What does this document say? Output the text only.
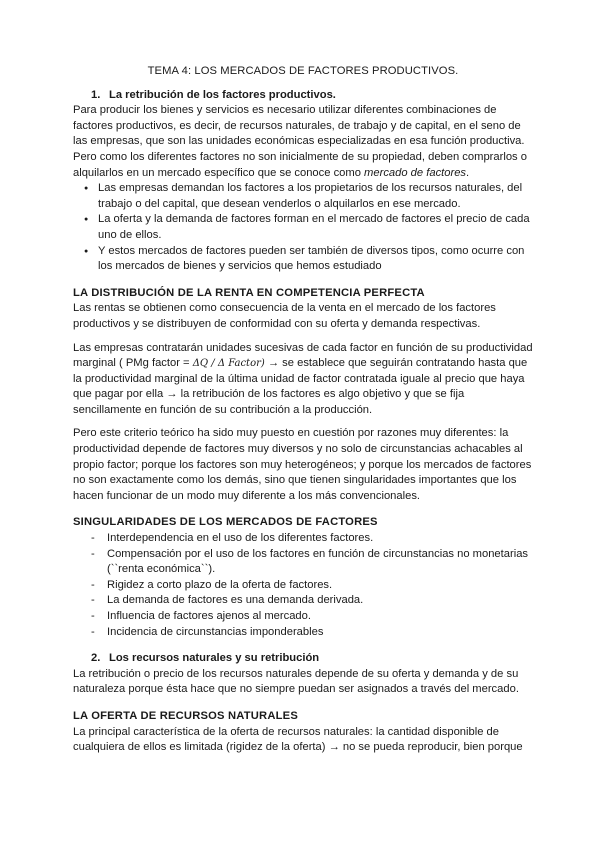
TEMA 4: LOS MERCADOS DE FACTORES PRODUCTIVOS.
1. La retribución de los factores productivos.

Para producir los bienes y servicios es necesario utilizar diferentes combinaciones de factores productivos, es decir, de recursos naturales, de trabajo y de capital, en el seno de las empresas, que son las unidades económicas especializadas en esa función productiva. Pero como los diferentes factores no son inicialmente de su propiedad, deben comprarlos o alquilarlos en un mercado específico que se conoce como mercado de factores.

● Las empresas demandan los factores a los propietarios de los recursos naturales, del trabajo o del capital, que desean venderlos o alquilarlos en ese mercado.
● La oferta y la demanda de factores forman en el mercado de factores el precio de cada uno de ellos.
● Y estos mercados de factores pueden ser también de diversos tipos, como ocurre con los mercados de bienes y servicios que hemos estudiado
LA DISTRIBUCIÓN DE LA RENTA EN COMPETENCIA PERFECTA

Las rentas se obtienen como consecuencia de la venta en el mercado de los factores productivos y se distribuyen de conformidad con su oferta y demanda respectivas.

Las empresas contratarán unidades sucesivas de cada factor en función de su productividad marginal ( PMg factor = ΔQ / Δ Factor) → se establece que seguirán contratando hasta que la productividad marginal de la última unidad de factor contratada iguale al precio que haya que pagar por ella → la retribución de los factores es algo objetivo y que se fija sencillamente en función de su contribución a la producción.

Pero este criterio teórico ha sido muy puesto en cuestión por razones muy diferentes: la productividad depende de factores muy diversos y no solo de circunstancias achacables al propio factor; porque los factores son muy heterogéneos; y porque los mercados de factores no son exactamente como los demás, sino que tienen singularidades importantes que los hacen funcionar de un modo muy diferente a los más convencionales.

SINGULARIDADES DE LOS MERCADOS DE FACTORES
- Interdependencia en el uso de los diferentes factores.
- Compensación por el uso de los factores en función de circunstancias no monetarias (``renta económica``).
- Rigidez a corto plazo de la oferta de factores.
- La demanda de factores es una demanda derivada.
- Influencia de factores ajenos al mercado.
- Incidencia de circunstancias imponderables
2. Los recursos naturales y su retribución

La retribución o precio de los recursos naturales depende de su oferta y demanda y de su naturaleza porque ésta hace que no siempre puedan ser asignados a través del mercado.

LA OFERTA DE RECURSOS NATURALES

La principal característica de la oferta de recursos naturales: la cantidad disponible de cualquiera de ellos es limitada (rigidez de la oferta) → no se pueda reproducir, bien porque
